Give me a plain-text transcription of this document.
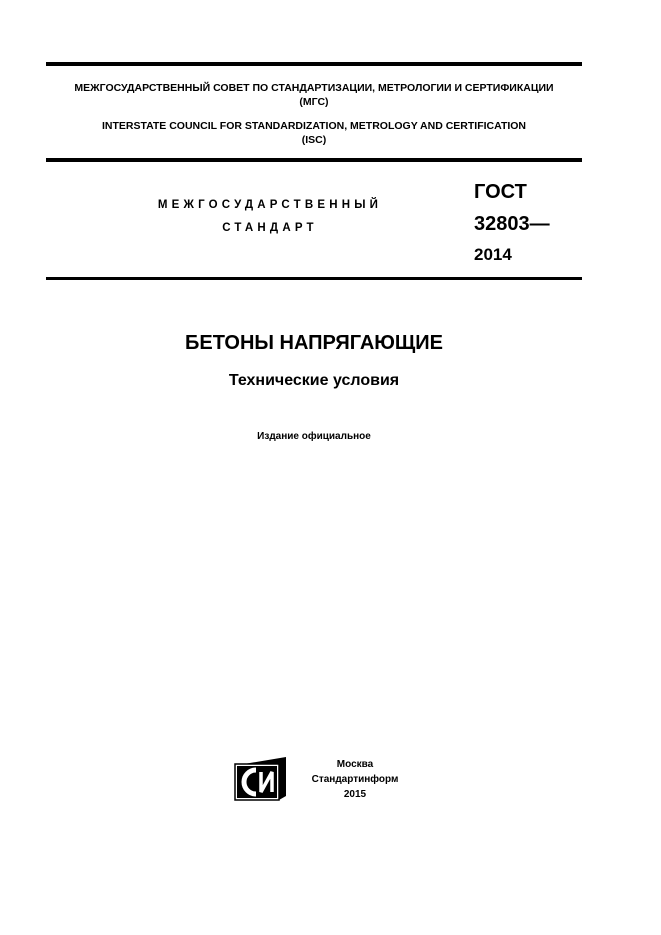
МЕЖГОСУДАРСТВЕННЫЙ СОВЕТ ПО СТАНДАРТИЗАЦИИ, МЕТРОЛОГИИ И СЕРТИФИКАЦИИ
(МГС)
INTERSTATE COUNCIL FOR STANDARDIZATION, METROLOGY AND CERTIFICATION
(ISC)
МЕЖГОСУДАРСТВЕННЫЙ
СТАНДАРТ
ГОСТ
32803—
2014
БЕТОНЫ НАПРЯГАЮЩИЕ
Технические условия
Издание официальное
Москва
Стандартинформ
2015
